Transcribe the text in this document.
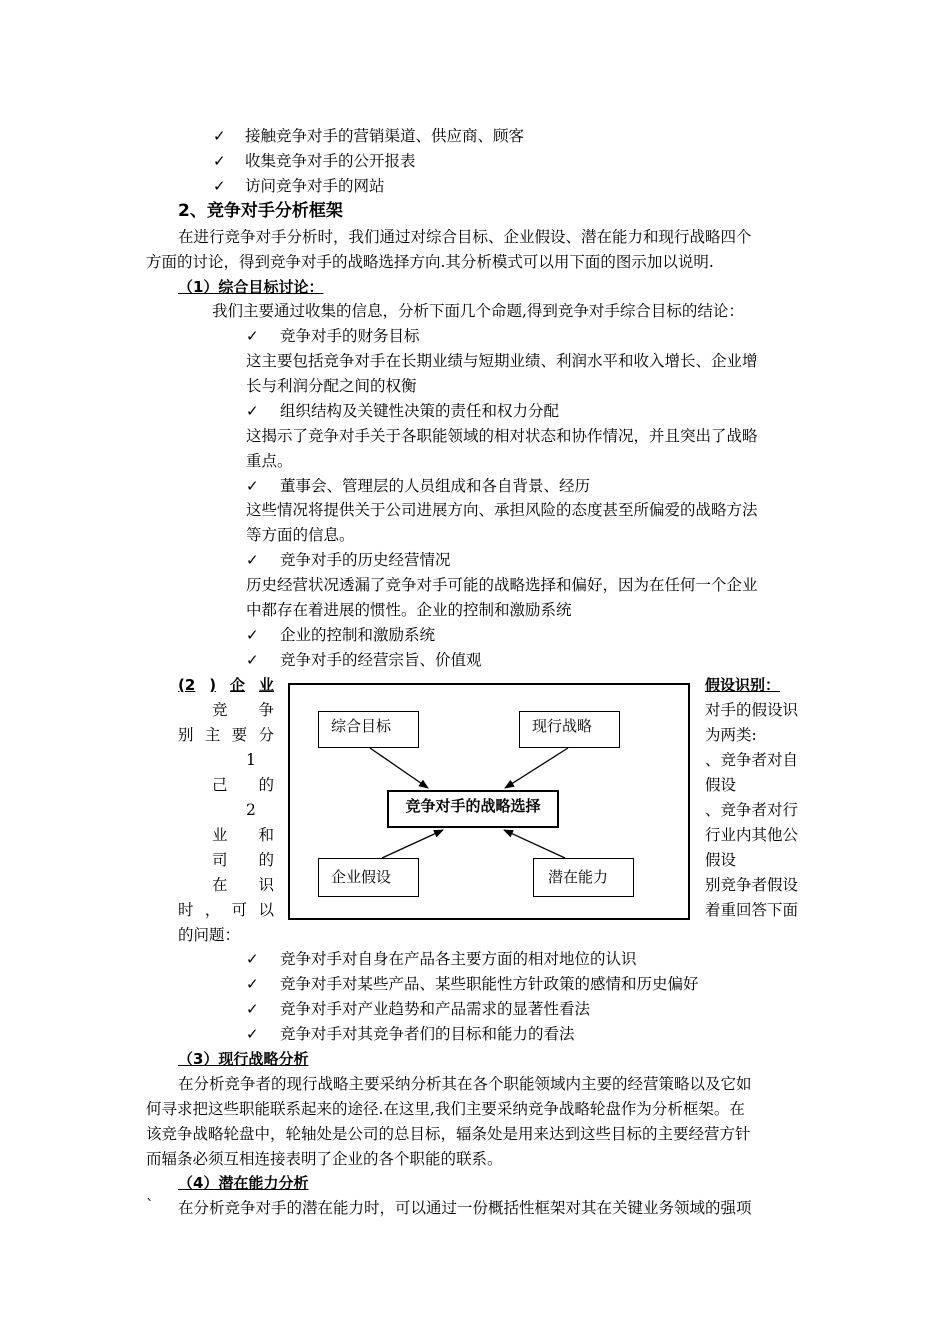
✓ 接触竞争对手的营销渠道、供应商、顾客
✓ 收集竞争对手的公开报表
✓ 访问竞争对手的网站
2、竞争对手分析框架
在进行竞争对手分析时，我们通过对综合目标、企业假设、潜在能力和现行战略四个
方面的讨论，得到竞争对手的战略选择方向.其分析模式可以用下面的图示加以说明.
（1）综合目标讨论：
我们主要通过收集的信息，分析下面几个命题,得到竞争对手综合目标的结论：
✓ 竞争对手的财务目标
这主要包括竞争对手在长期业绩与短期业绩、利润水平和收入增长、企业增
长与利润分配之间的权衡
✓ 组织结构及关键性决策的责任和权力分配
这揭示了竞争对手关于各职能领域的相对状态和协作情况，并且突出了战略
重点。
✓ 董事会、管理层的人员组成和各自背景、经历
这些情况将提供关于公司进展方向、承担风险的态度甚至所偏爱的战略方法
等方面的信息。
✓ 竞争对手的历史经营情况
历史经营状况透漏了竞争对手可能的战略选择和偏好，因为在任何一个企业
中都存在着进展的惯性。企业的控制和激励系统
✓ 企业的控制和激励系统
✓ 竞争对手的经营宗旨、价值观
(2 ) 企 业	假设识别：
竞 争
别 主 要 分
1
己 的
2
业 和
司 的
在 识
时 ， 可 以
的问题：
对手的假设识
为两类:
、竞争者对自
假设
、竞争者对行
行业内其他公
假设
别竞争者假设
着重回答下面
综合目标	现行战略
竞争对手的战略选择
企业假设	潜在能力
✓ 竞争对手对自身在产品各主要方面的相对地位的认识
✓ 竞争对手对某些产品、某些职能性方针政策的感情和历史偏好
✓ 竞争对手对产业趋势和产品需求的显著性看法
✓ 竞争对手对其竞争者们的目标和能力的看法
（3）现行战略分析
在分析竞争者的现行战略主要采纳分析其在各个职能领域内主要的经营策略以及它如
何寻求把这些职能联系起来的途径.在这里,我们主要采纳竞争战略轮盘作为分析框架。在
该竞争战略轮盘中，轮轴处是公司的总目标，辐条处是用来达到这些目标的主要经营方针
而辐条必须互相连接表明了企业的各个职能的联系。
（4）潜在能力分析
` 在分析竞争对手的潜在能力时，可以通过一份概括性框架对其在关键业务领域的强项
